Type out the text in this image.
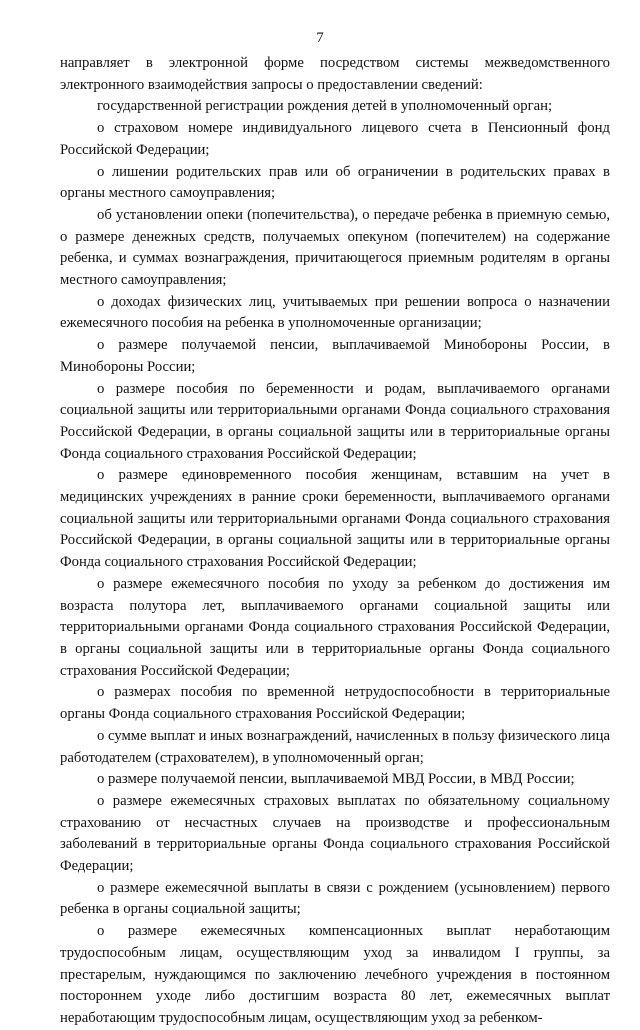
7

направляет в электронной форме посредством системы межведомственного электронного взаимодействия запросы о предоставлении сведений:

государственной регистрации рождения детей в уполномоченный орган;

о страховом номере индивидуального лицевого счета в Пенсионный фонд Российской Федерации;

о лишении родительских прав или об ограничении в родительских правах в органы местного самоуправления;

об установлении опеки (попечительства), о передаче ребенка в приемную семью, о размере денежных средств, получаемых опекуном (попечителем) на содержание ребенка, и суммах вознаграждения, причитающегося приемным родителям в органы местного самоуправления;

о доходах физических лиц, учитываемых при решении вопроса о назначении ежемесячного пособия на ребенка в уполномоченные организации;

о размере получаемой пенсии, выплачиваемой Минобороны России, в Минобороны России;

о размере пособия по беременности и родам, выплачиваемого органами социальной защиты или территориальными органами Фонда социального страхования Российской Федерации, в органы социальной защиты или в территориальные органы Фонда социального страхования Российской Федерации;

о размере единовременного пособия женщинам, вставшим на учет в медицинских учреждениях в ранние сроки беременности, выплачиваемого органами социальной защиты или территориальными органами Фонда социального страхования Российской Федерации, в органы социальной защиты или в территориальные органы Фонда социального страхования Российской Федерации;

о размере ежемесячного пособия по уходу за ребенком до достижения им возраста полутора лет, выплачиваемого органами социальной защиты или территориальными органами Фонда социального страхования Российской Федерации, в органы социальной защиты или в территориальные органы Фонда социального страхования Российской Федерации;

о размерах пособия по временной нетрудоспособности в территориальные органы Фонда социального страхования Российской Федерации;

о сумме выплат и иных вознаграждений, начисленных в пользу физического лица работодателем (страхователем), в уполномоченный орган;

о размере получаемой пенсии, выплачиваемой МВД России, в МВД России;

о размере ежемесячных страховых выплатах по обязательному социальному страхованию от несчастных случаев на производстве и профессиональным заболеваний в территориальные органы Фонда социального страхования Российской Федерации;

о размере ежемесячной выплаты в связи с рождением (усыновлением) первого ребенка в органы социальной защиты;

о размере ежемесячных компенсационных выплат неработающим трудоспособным лицам, осуществляющим уход за инвалидом I группы, за престарелым, нуждающимся по заключению лечебного учреждения в постоянном постороннем уходе либо достигшим возраста 80 лет, ежемесячных выплат неработающим трудоспособным лицам, осуществляющим уход за ребенком-
